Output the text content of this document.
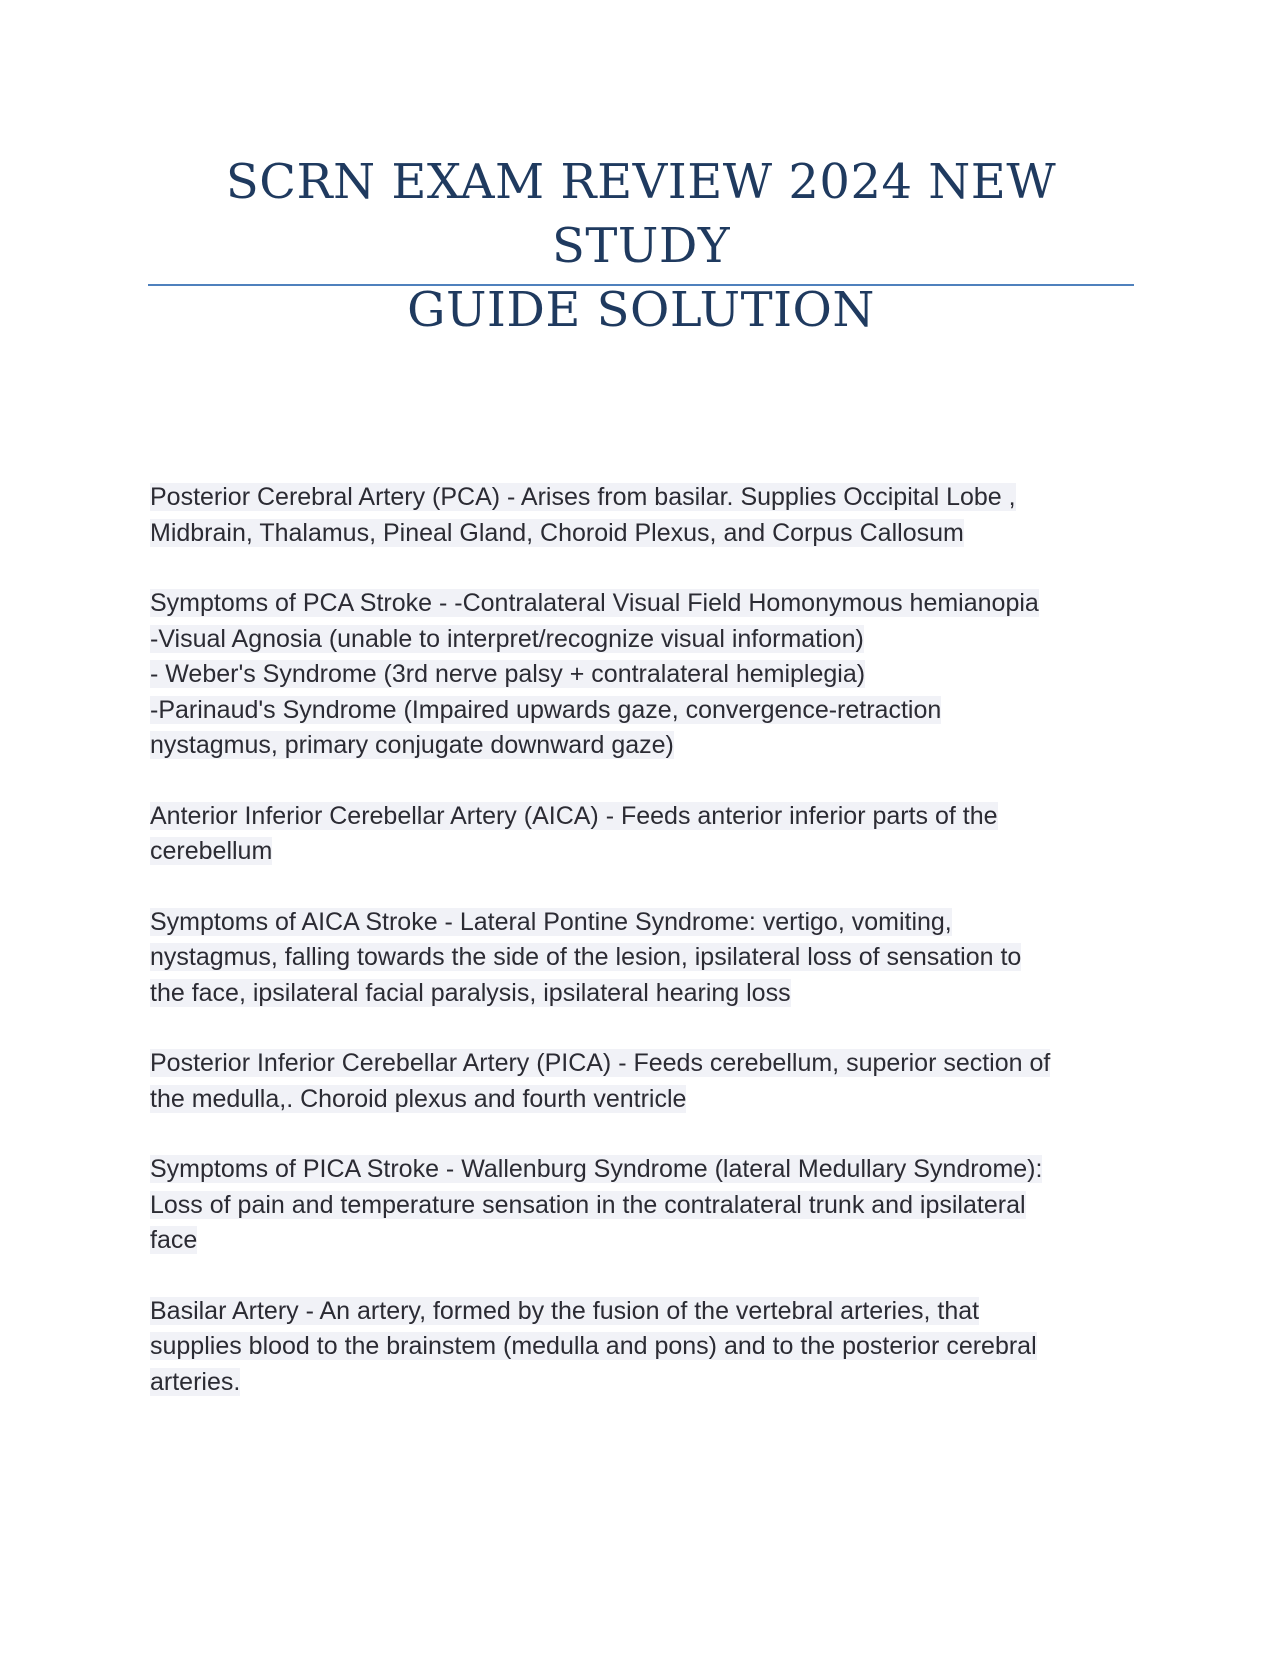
SCRN EXAM REVIEW 2024 NEW STUDY
GUIDE SOLUTION
Posterior Cerebral Artery (PCA) - Arises from basilar. Supplies Occipital Lobe ,
Midbrain, Thalamus, Pineal Gland, Choroid Plexus, and Corpus Callosum
Symptoms of PCA Stroke - -Contralateral Visual Field Homonymous hemianopia
-Visual Agnosia (unable to interpret/recognize visual information)
- Weber's Syndrome (3rd nerve palsy + contralateral hemiplegia)
-Parinaud's Syndrome (Impaired upwards gaze, convergence-retraction
nystagmus, primary conjugate downward gaze)
Anterior Inferior Cerebellar Artery (AICA) - Feeds anterior inferior parts of the
cerebellum
Symptoms of AICA Stroke - Lateral Pontine Syndrome: vertigo, vomiting,
nystagmus, falling towards the side of the lesion, ipsilateral loss of sensation to
the face, ipsilateral facial paralysis, ipsilateral hearing loss
Posterior Inferior Cerebellar Artery (PICA) - Feeds cerebellum, superior section of
the medulla,. Choroid plexus and fourth ventricle
Symptoms of PICA Stroke - Wallenburg Syndrome (lateral Medullary Syndrome):
Loss of pain and temperature sensation in the contralateral trunk and ipsilateral
face
Basilar Artery - An artery, formed by the fusion of the vertebral arteries, that
supplies blood to the brainstem (medulla and pons) and to the posterior cerebral
arteries.
